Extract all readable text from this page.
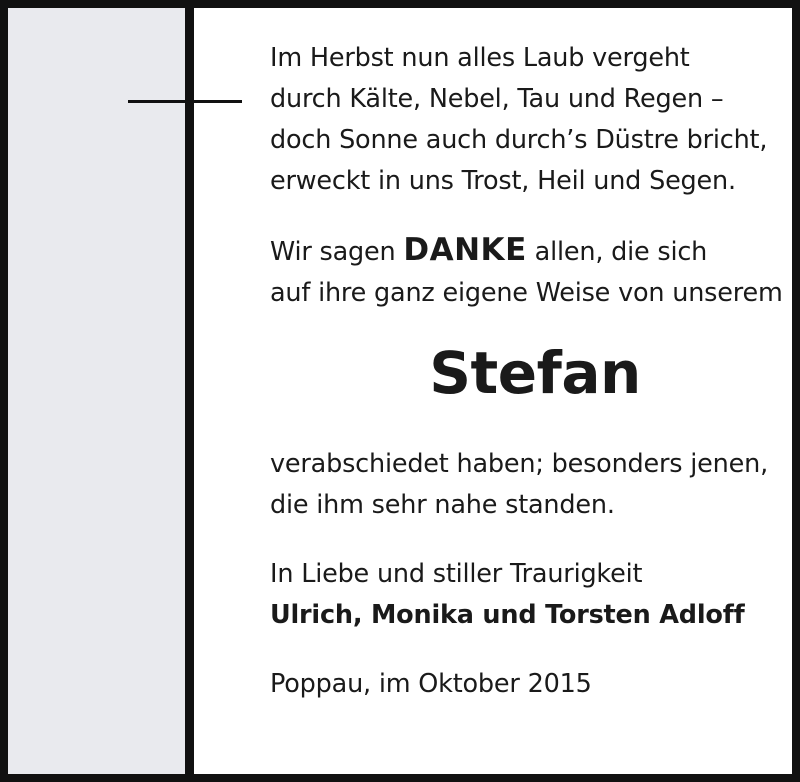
Im Herbst nun alles Laub vergeht
durch Kälte, Nebel, Tau und Regen –
doch Sonne auch durch’s Düstre bricht,
erweckt in uns Trost, Heil und Segen.

Wir sagen DANKE allen, die sich
auf ihre ganz eigene Weise von unserem

Stefan

verabschiedet haben; besonders jenen,
die ihm sehr nahe standen.

In Liebe und stiller Traurigkeit
Ulrich, Monika und Torsten Adloff

Poppau, im Oktober 2015
